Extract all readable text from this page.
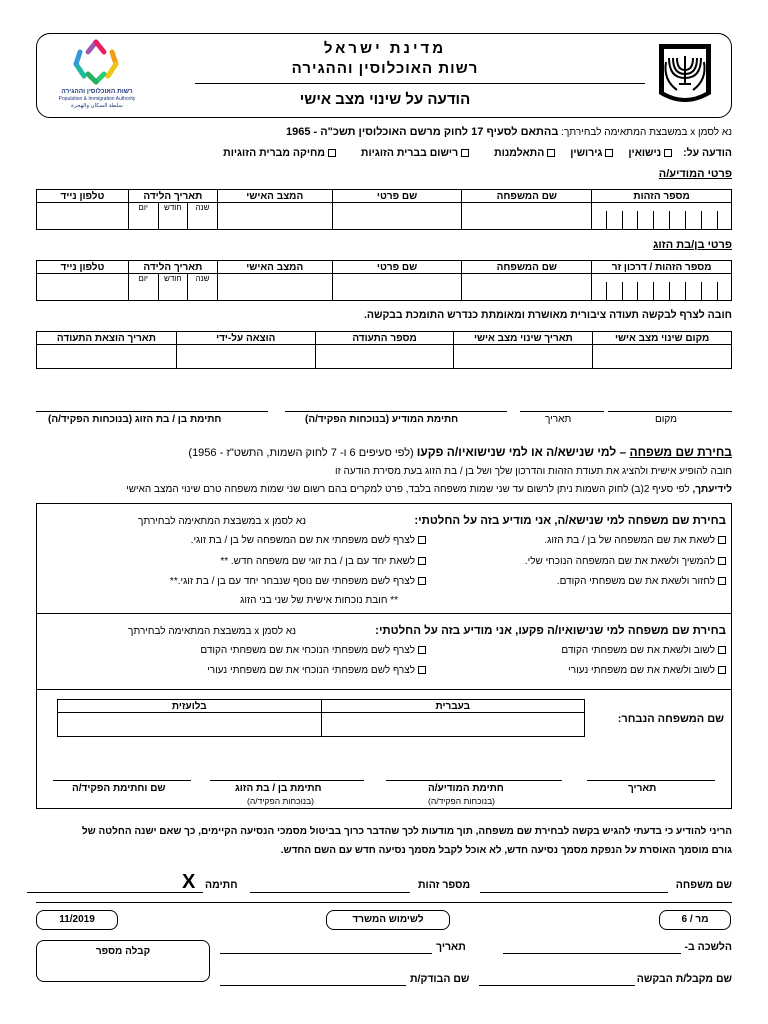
ישראל
מדינת ישראל
רשות האוכלוסין וההגירה
הודעה על שינוי מצב אישי
רשות האוכלוסין וההגירה
Population & Immigration Authority
سلطة السكان والهجرة
נא לסמן x במשבצת המתאימה לבחירתך: בהתאם לסעיף 17 לחוק מרשם האוכלוסין תשכ"ה - 1965
הודעה על: נישואין גירושין התאלמנות רישום בברית הזוגיות מחיקה מברית הזוגיות
פרטי המודיע/ה
מספר הזהות	שם המשפחה	שם פרטי	המצב האישי	תאריך הלידה	טלפון נייד

				שנה
חודש
יום	

פרטי בן/בת הזוג
מספר הזהות / דרכון זר	שם המשפחה	שם פרטי	המצב האישי	תאריך הלידה	טלפון נייד

				שנה
חודש
יום	

חובה לצרף לבקשה תעודה ציבורית מאושרת ומאומתת כנדרש התומכת בבקשה.
מקום שינוי מצב אישי	תאריך שינוי מצב אישי	מספר התעודה	הוצאה על-ידי	תאריך הוצאת התעודה

מקום
תאריך
חתימת המודיע (בנוכחות הפקיד/ה)
חתימת בן / בת הזוג (בנוכחות הפקיד/ה)
בחירת שם משפחה – למי שנישא/ה או למי שנישואיו/ה פקעו (לפי סעיפים 6 ו- 7 לחוק השמות, התשט"ז - 1956)
חובה להופיע אישית ולהציג את תעודת הזהות והדרכון שלך ושל בן / בת הזוג בעת מסירת הודעה זו
לידיעתך, לפי סעיף 2(ב) לחוק השמות ניתן לרשום עד שני שמות משפחה בלבד, פרט למקרים בהם רשום שני שמות משפחה טרם שינוי המצב האישי
בחירת שם משפחה למי שנישא/ה, אני מודיע בזה על החלטתי:
נא לסמן x במשבצת המתאימה לבחירתך
לשאת את שם המשפחה של בן / בת הזוג.
להמשיך ולשאת את שם המשפחה הנוכחי שלי.
לחזור ולשאת את שם משפחתי הקודם.
לצרף לשם משפחתי את שם המשפחה של בן / בת זוגי.
לשאת יחד עם בן / בת זוגי שם משפחה חדש. **
לצרף לשם משפחתי שם נוסף שנבחר יחד עם בן / בת זוגי.**
** חובת נוכחות אישית של שני בני הזוג
בחירת שם משפחה למי שנישואיו/ה פקעו, אני מודיע בזה על החלטתי:
נא לסמן x במשבצת המתאימה לבחירתך
לשוב ולשאת את שם משפחתי הקודם
לשוב ולשאת את שם משפחתי נעורי
לצרף לשם משפחתי הנוכחי את שם משפחתי הקודם
לצרף לשם משפחתי הנוכחי את שם משפחתי נעורי
שם המשפחה הנבחר:
בעברית	בלועזית

תאריך
חתימת המודיע/ה
(בנוכחות הפקיד/ה)
חתימת בן / בת הזוג
(בנוכחות הפקיד/ה)
שם וחתימת הפקיד/ה
הריני להודיע כי בדעתי להגיש בקשה לבחירת שם משפחה, תוך מודעות לכך שהדבר כרוך בביטול מסמכי הנסיעה הקיימים, כך שאם ישנה החלטה של
גורם מוסמך האוסרת על הנפקת מסמך נסיעה חדש, לא אוכל לקבל מסמך נסיעה חדש עם השם החדש.
שם משפחה
מספר זהות
חתימה
X
מר / 6
לשימוש המשרד
11/2019
הלשכה ב-
תאריך
קבלה מספר
שם מקבל/ת הבקשה
שם הבודק/ת
